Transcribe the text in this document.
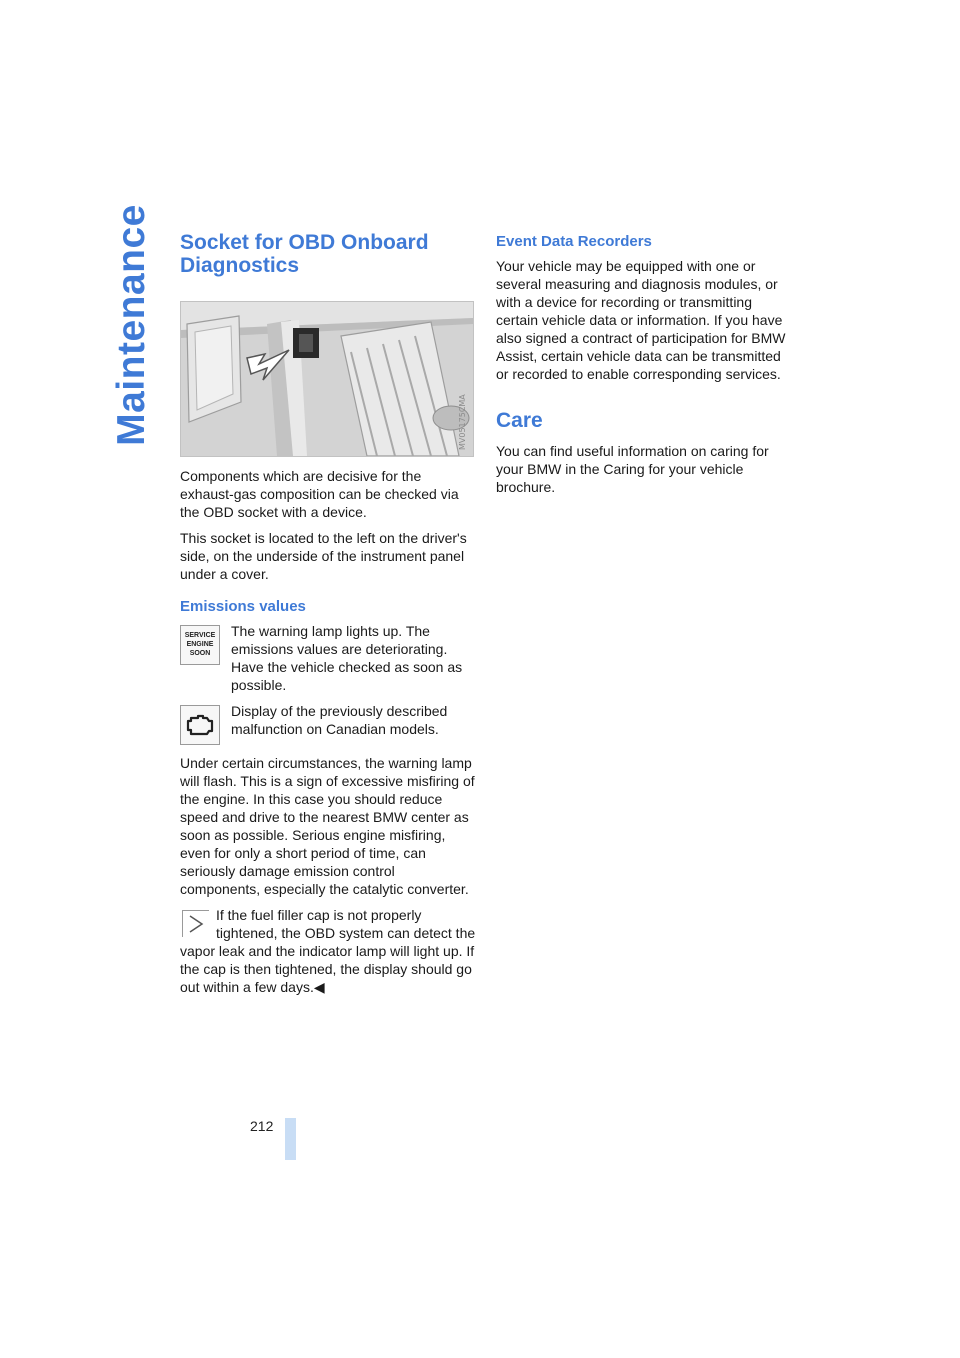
Maintenance
212
Socket for OBD Onboard Diagnostics
MV05175CMA

Components which are decisive for the exhaust-gas composition can be checked via the OBD socket with a device.

This socket is located to the left on the driver's side, on the underside of the instrument panel under a cover.

Emissions values
SERVICE
ENGINE
SOON
The warning lamp lights up. The emissions values are deteriorating. Have the vehicle checked as soon as possible.
Display of the previously described malfunction on Canadian models.

Under certain circumstances, the warning lamp will flash. This is a sign of excessive misfiring of the engine. In this case you should reduce speed and drive to the nearest BMW center as soon as possible. Serious engine misfiring, even for only a short period of time, can seriously damage emission control components, especially the catalytic converter.

If the fuel filler cap is not properly tightened, the OBD system can detect the
vapor leak and the indicator lamp will light up. If the cap is then tightened, the display should go out within a few days.◀
Event Data Recorders

Your vehicle may be equipped with one or several measuring and diagnosis modules, or with a device for recording or transmitting certain vehicle data or information. If you have also signed a contract of participation for BMW Assist, certain vehicle data can be transmitted or recorded to enable corresponding services.

Care

You can find useful information on caring for your BMW in the Caring for your vehicle brochure.
